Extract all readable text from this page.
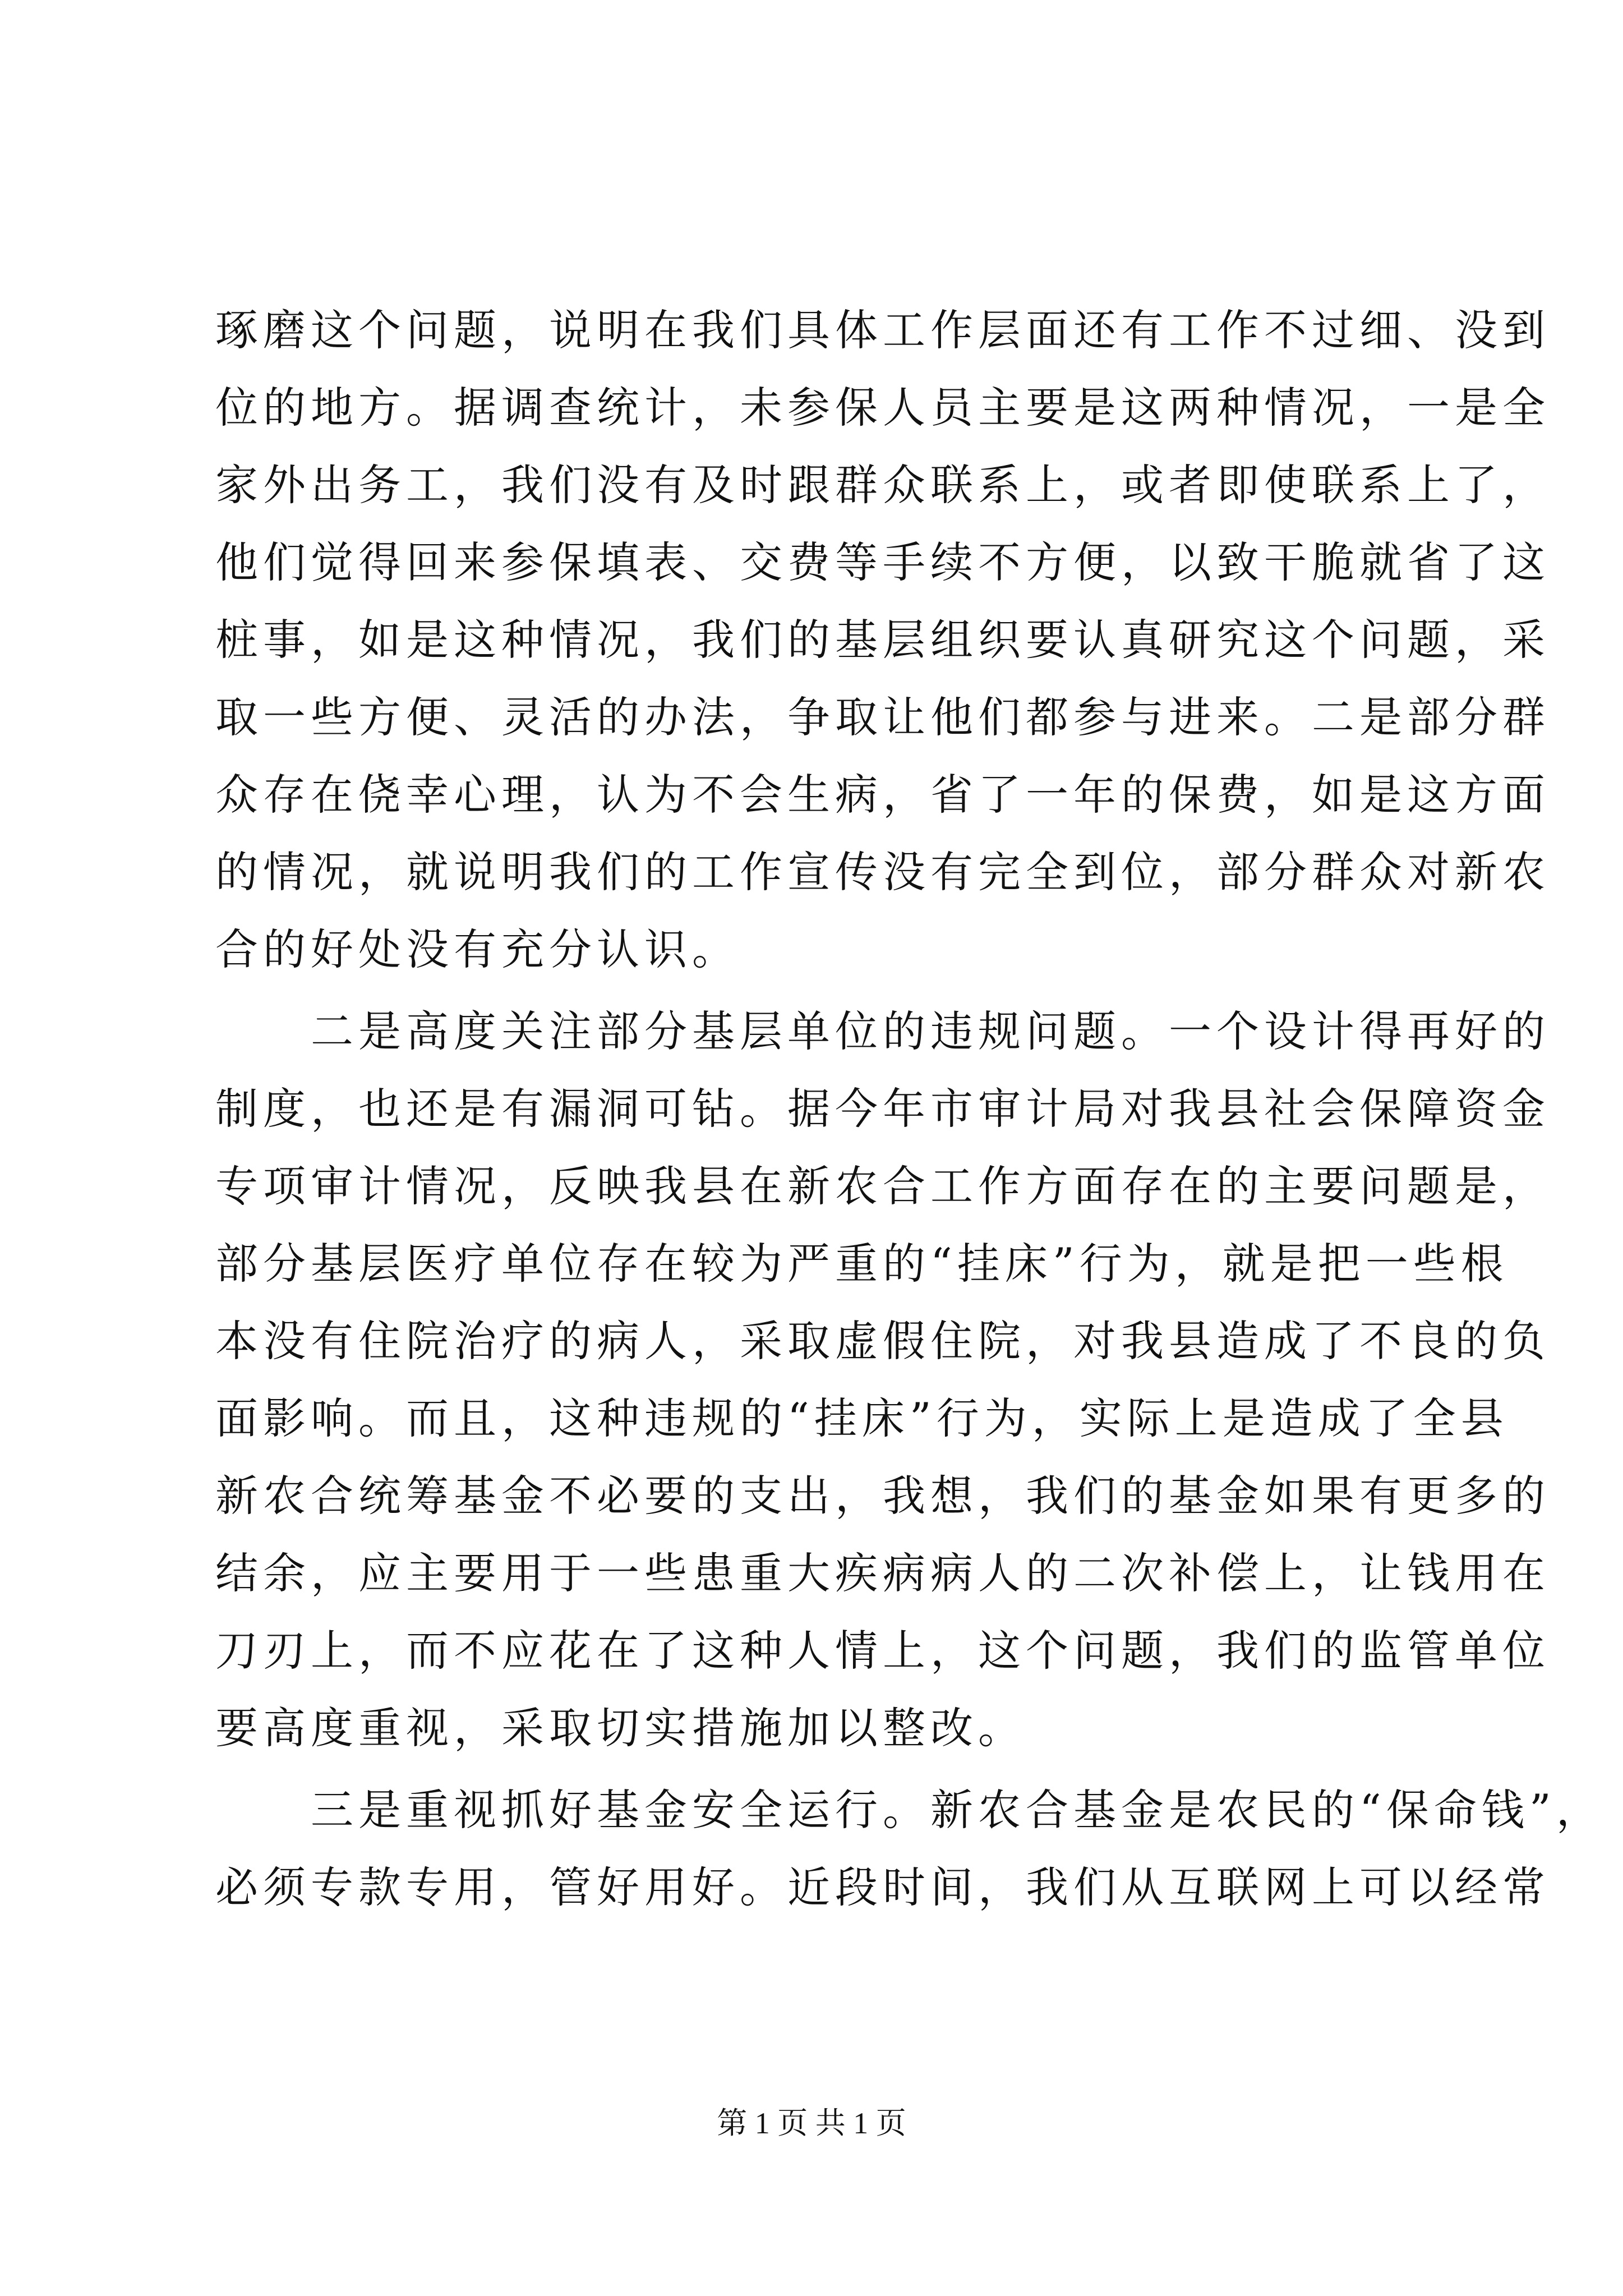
琢磨这个问题，说明在我们具体工作层面还有工作不过细、没到
位的地方。据调查统计，未参保人员主要是这两种情况，一是全
家外出务工，我们没有及时跟群众联系上，或者即使联系上了，
他们觉得回来参保填表、交费等手续不方便，以致干脆就省了这
桩事，如是这种情况，我们的基层组织要认真研究这个问题，采
取一些方便、灵活的办法，争取让他们都参与进来。二是部分群
众存在侥幸心理，认为不会生病，省了一年的保费，如是这方面
的情况，就说明我们的工作宣传没有完全到位，部分群众对新农
合的好处没有充分认识。
二是高度关注部分基层单位的违规问题。一个设计得再好的
制度，也还是有漏洞可钻。据今年市审计局对我县社会保障资金
专项审计情况，反映我县在新农合工作方面存在的主要问题是，
部分基层医疗单位存在较为严重的“挂床”行为，就是把一些根
本没有住院治疗的病人，采取虚假住院，对我县造成了不良的负
面影响。而且，这种违规的“挂床”行为，实际上是造成了全县
新农合统筹基金不必要的支出，我想，我们的基金如果有更多的
结余，应主要用于一些患重大疾病病人的二次补偿上，让钱用在
刀刃上，而不应花在了这种人情上，这个问题，我们的监管单位
要高度重视，采取切实措施加以整改。
三是重视抓好基金安全运行。新农合基金是农民的“保命钱”，
必须专款专用，管好用好。近段时间，我们从互联网上可以经常
第 1 页 共 1 页
